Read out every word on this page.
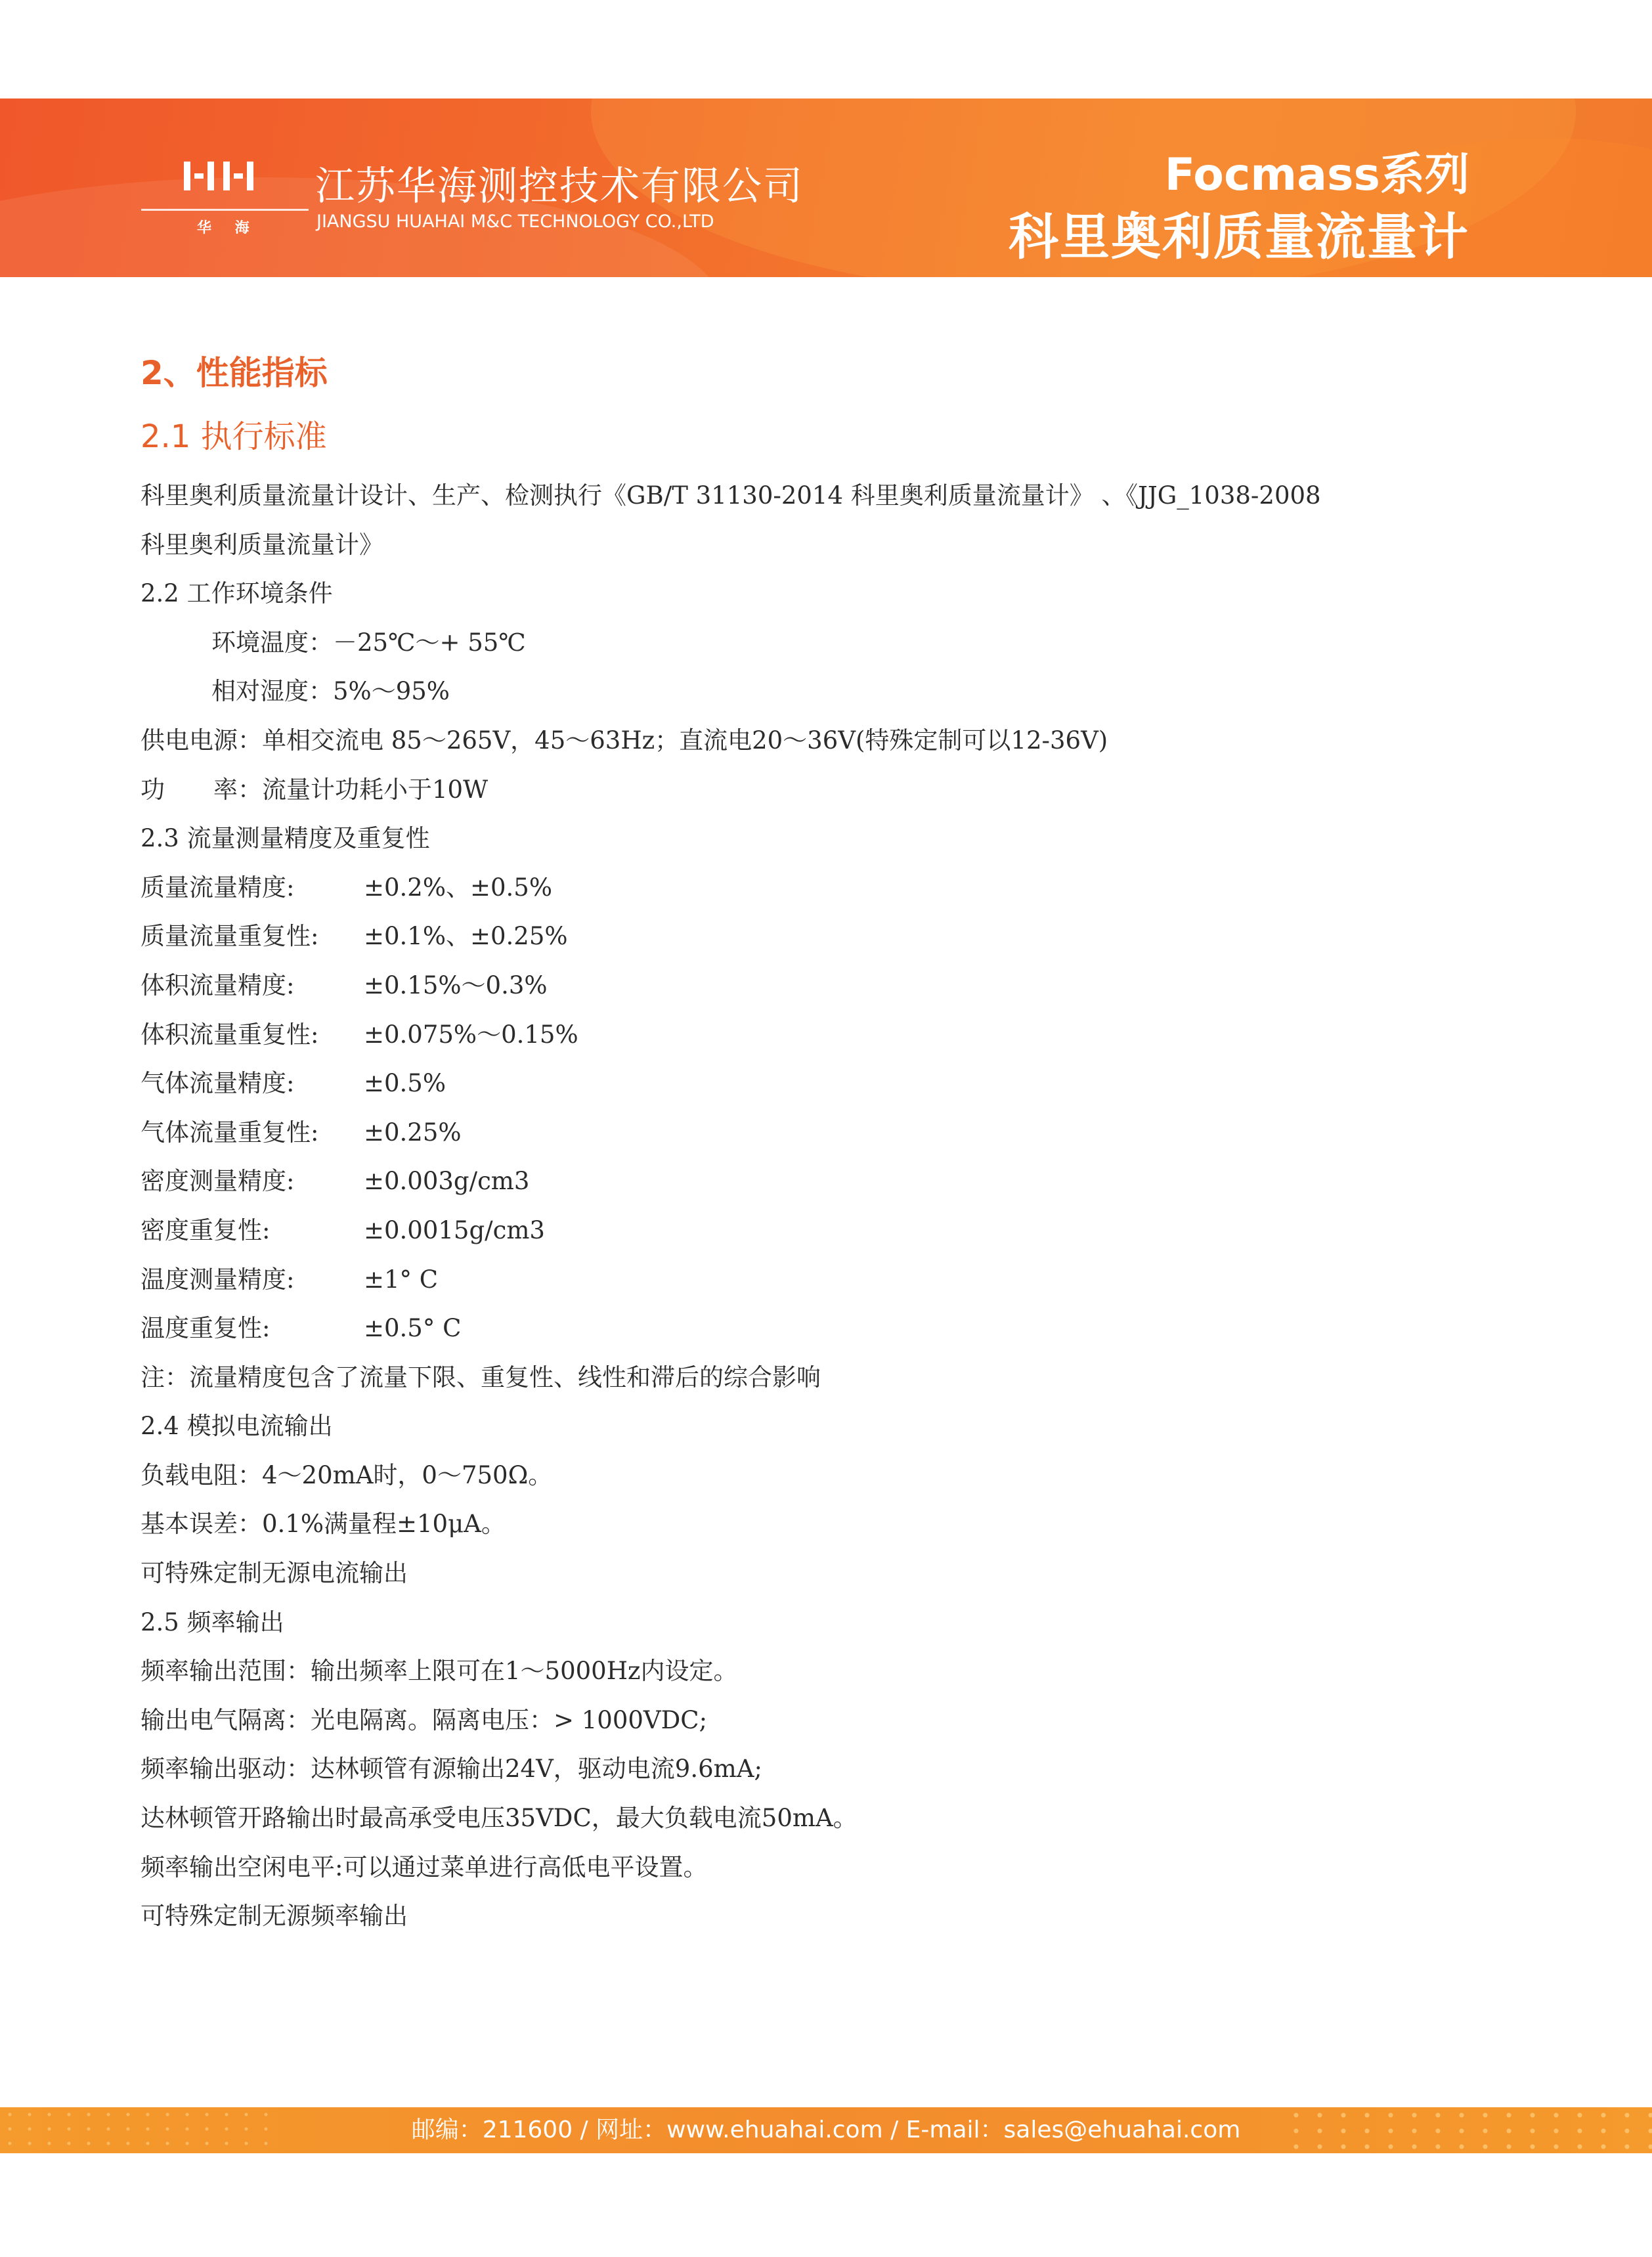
华 海
江苏华海测控技术有限公司
JIANGSU HUAHAI M&C TECHNOLOGY CO.,LTD
Focmass系列
科里奥利质量流量计
2、性能指标
2.1 执行标准
科里奥利质量流量计设计、生产、检测执行《GB/T 31130-2014 科里奥利质量流量计》 、《JJG_1038-2008
科里奥利质量流量计》
2.2 工作环境条件
环境温度：－25℃～+ 55℃
相对湿度：5%～95%
供电电源：单相交流电 85～265V，45～63Hz；直流电20～36V(特殊定制可以12-36V)
功　　率：流量计功耗小于10W
2.3 流量测量精度及重复性
质量流量精度:	±0.2%、±0.5%
质量流量重复性: ±0.1%、±0.25%
体积流量精度:	±0.15%～0.3%
体积流量重复性: ±0.075%～0.15%
气体流量精度:	±0.5%
气体流量重复性: ±0.25%
密度测量精度:	±0.003g/cm3
密度重复性:	±0.0015g/cm3
温度测量精度:	±1° C
温度重复性:	±0.5° C
注：流量精度包含了流量下限、重复性、线性和滞后的综合影响
2.4 模拟电流输出
负载电阻：4～20mA时，0～750Ω。
基本误差：0.1%满量程±10μA。
可特殊定制无源电流输出
2.5 频率输出
频率输出范围：输出频率上限可在1～5000Hz内设定。
输出电气隔离：光电隔离。隔离电压：> 1000VDC;
频率输出驱动：达林顿管有源输出24V，驱动电流9.6mA;
达林顿管开路输出时最高承受电压35VDC，最大负载电流50mA。
频率输出空闲电平:可以通过菜单进行高低电平设置。
可特殊定制无源频率输出
邮编：211600 / 网址：www.ehuahai.com / E-mail：sales@ehuahai.com
